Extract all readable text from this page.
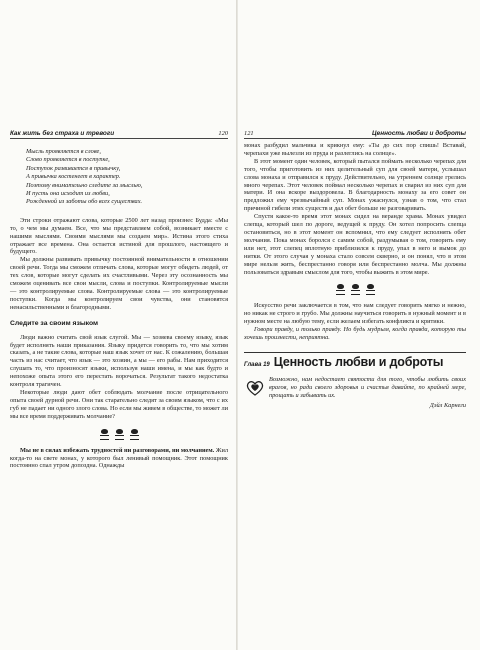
Как жить без страха и тревоги	120
Мысль проявляется в слове,
Слово проявляется в поступке,
Поступок развивается в привычку,
А привычка костенеет в характер.
Поэтому внимательно следите за мыслью,
И пусть она исходит из любви,
Рожденной из заботы обо всех существах.

Эти строки отражают слова, которые 2500 лет назад произнес Будда: «Мы то, о чем мы думаем. Все, что мы представляем собой, возникает вместе с нашими мыслями. Своими мыслями мы создаем мир». Истина этого стиха отражает все времена. Она остается истиной для прошлого, настоящего и будущего.

Мы должны развивать привычку постоянной внимательности в отношении своей речи. Тогда мы сможем отличать слова, которые могут обидеть людей, от тех слов, которые могут сделать их счастливыми. Через эту осознанность мы сможем оценивать все свои мысли, слова и поступки. Контролируемые мысли — это контролируемые слова. Контролируемые слова — это контролируемые поступки. Когда мы контролируем свои чувства, они становятся ненасильственными и благородными.

Следите за своим языком

Люди важно считать свой язык слугой. Мы — хозяева своему языку, язык будет исполнять наши приказания. Языку придется говорить то, что мы хотим сказать, а не такие слова, которые наш язык хочет от нас. К сожалению, большая часть из нас считает, что язык — это хозяин, а мы — его рабы. Нам приходится слушать то, что произносят языки, используя наши имена, и мы как будто и непохоже опыта этого его перестать ворочаться. Результат такого недостатка контроля трагичен.

Некоторые люди дают обет соблюдать молчание после отрицательного опыта своей дурной речи. Они так старательно следят за своим языком, что с их губ не падает ни одного злого слова. Но если мы живем в обществе, то может ли мы все время поддерживать молчание?

Мы не в силах избежать трудностей ни разговорами, ни молчанием. Жил когда-то на свете монах, у которого был ленивый помощник. Этот помощник постоянно спал утром допоздна. Однажды

121	Ценность любви и доброты

монах разбудил мальчика и крикнул ему: «Ты до сих пор спишь! Вставай, черепахи уже вылезли из пруда и разлеглись на солнце».

В этот момент один человек, который пытался поймать несколько черепах для того, чтобы приготовить из них целительный суп для своей матери, услышал слова монаха и отправился к пруду. Действительно, на утреннем солнце грелись много черепах. Этот человек поймал несколько черепах и сварил из них суп для матери. И она вскоре выздоровела. В благодарность монаху за его совет он предложил ему чрезвычайный суп. Монах ужаснулся, узнав о том, что стал причиной гибели этих существ и дал обет больше не разговаривать.

Спустя какое-то время этот монах сидел на веранде храма. Монах увидел слепца, который шел по дороге, ведущей к пруду. Он хотел попросить слепца остановиться, но в этот момент он вспомнил, что ему следует исполнять обет молчания. Пока монах боролся с самим собой, раздумывая о том, говорить ему или нет, этот слепец вплотную приблизился к пруду, упал в него и вымок до нитки. От этого случая у монаха стало совсем скверно, и он понял, что в этом мире нельзя жить, беспрестанно говоря или беспрестанно молча. Мы должны пользоваться здравым смыслом для того, чтобы выжить в этом мире.

Искусство речи заключается в том, что нам следует говорить мягко и нежно, но никак не строго и грубо. Мы должны научиться говорить в нужный момент и в нужном месте на любую тему, если желаем избегать конфликта и критики.

Говори правду, и только правду. Но будь мудрым, когда правда, которую ты хочешь произнести, неприятна.

Глава 19 Ценность любви и доброты
Возможно, нам недостает святости для того, чтобы любить своих врагов, но ради своего здоровья и счастья давайте, по крайней мере, прощать и забывать их.
Дэйл Карнеги
